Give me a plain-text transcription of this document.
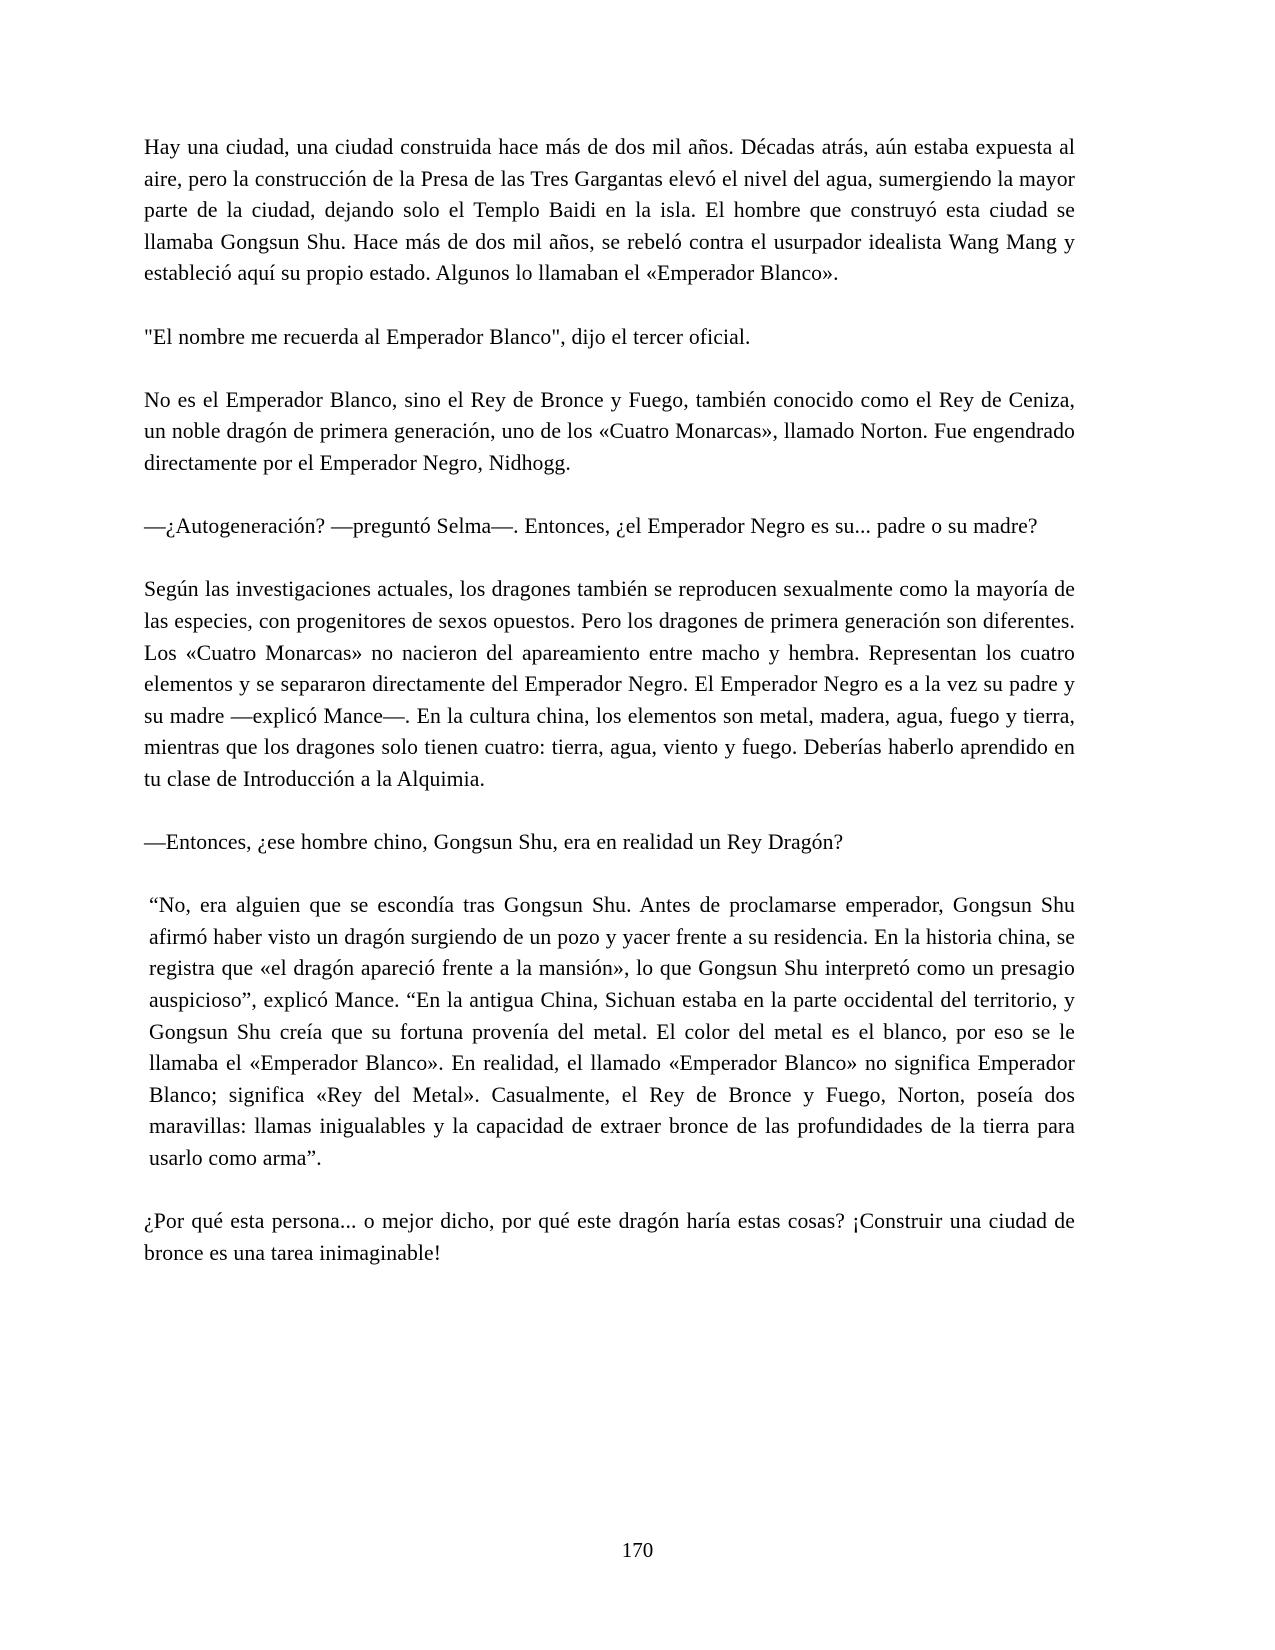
Hay una ciudad, una ciudad construida hace más de dos mil años. Décadas atrás, aún estaba expuesta al aire, pero la construcción de la Presa de las Tres Gargantas elevó el nivel del agua, sumergiendo la mayor parte de la ciudad, dejando solo el Templo Baidi en la isla. El hombre que construyó esta ciudad se llamaba Gongsun Shu. Hace más de dos mil años, se rebeló contra el usurpador idealista Wang Mang y estableció aquí su propio estado. Algunos lo llamaban el «Emperador Blanco».

"El nombre me recuerda al Emperador Blanco", dijo el tercer oficial.

No es el Emperador Blanco, sino el Rey de Bronce y Fuego, también conocido como el Rey de Ceniza, un noble dragón de primera generación, uno de los «Cuatro Monarcas», llamado Norton. Fue engendrado directamente por el Emperador Negro, Nidhogg.

—¿Autogeneración? —preguntó Selma—. Entonces, ¿el Emperador Negro es su... padre o su madre?

Según las investigaciones actuales, los dragones también se reproducen sexualmente como la mayoría de las especies, con progenitores de sexos opuestos. Pero los dragones de primera generación son diferentes. Los «Cuatro Monarcas» no nacieron del apareamiento entre macho y hembra. Representan los cuatro elementos y se separaron directamente del Emperador Negro. El Emperador Negro es a la vez su padre y su madre —explicó Mance—. En la cultura china, los elementos son metal, madera, agua, fuego y tierra, mientras que los dragones solo tienen cuatro: tierra, agua, viento y fuego. Deberías haberlo aprendido en tu clase de Introducción a la Alquimia.

—Entonces, ¿ese hombre chino, Gongsun Shu, era en realidad un Rey Dragón?

“No, era alguien que se escondía tras Gongsun Shu. Antes de proclamarse emperador, Gongsun Shu afirmó haber visto un dragón surgiendo de un pozo y yacer frente a su residencia. En la historia china, se registra que «el dragón apareció frente a la mansión», lo que Gongsun Shu interpretó como un presagio auspicioso”, explicó Mance. “En la antigua China, Sichuan estaba en la parte occidental del territorio, y Gongsun Shu creía que su fortuna provenía del metal. El color del metal es el blanco, por eso se le llamaba el «Emperador Blanco». En realidad, el llamado «Emperador Blanco» no significa Emperador Blanco; significa «Rey del Metal». Casualmente, el Rey de Bronce y Fuego, Norton, poseía dos maravillas: llamas inigualables y la capacidad de extraer bronce de las profundidades de la tierra para usarlo como arma”.

¿Por qué esta persona... o mejor dicho, por qué este dragón haría estas cosas? ¡Construir una ciudad de bronce es una tarea inimaginable!

170
